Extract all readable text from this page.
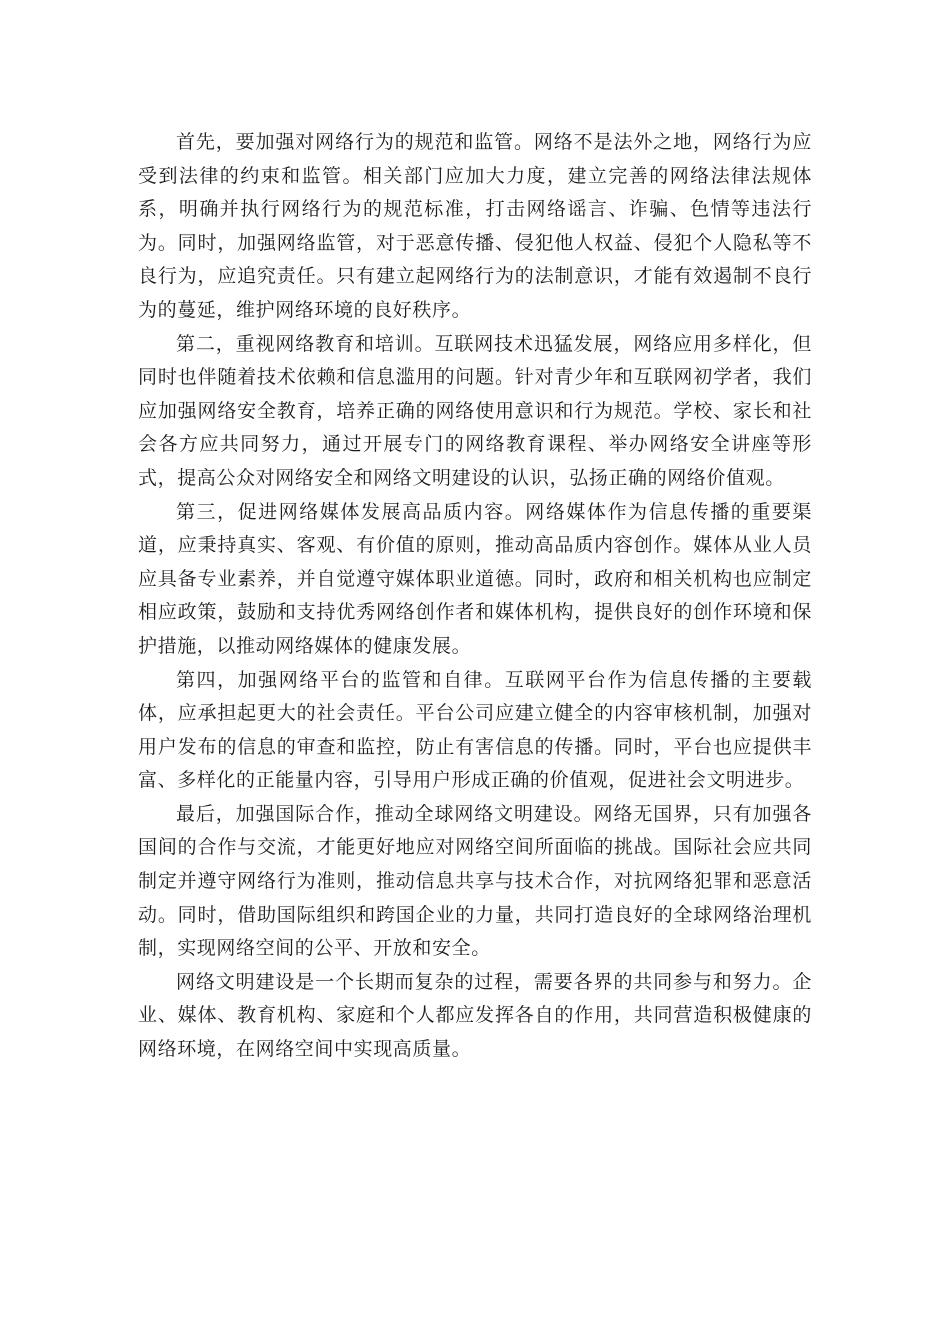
首先，要加强对网络行为的规范和监管。网络不是法外之地，网络行为应受到法律的约束和监管。相关部门应加大力度，建立完善的网络法律法规体系，明确并执行网络行为的规范标准，打击网络谣言、诈骗、色情等违法行为。同时，加强网络监管，对于恶意传播、侵犯他人权益、侵犯个人隐私等不良行为，应追究责任。只有建立起网络行为的法制意识，才能有效遏制不良行为的蔓延，维护网络环境的良好秩序。

第二，重视网络教育和培训。互联网技术迅猛发展，网络应用多样化，但同时也伴随着技术依赖和信息滥用的问题。针对青少年和互联网初学者，我们应加强网络安全教育，培养正确的网络使用意识和行为规范。学校、家长和社会各方应共同努力，通过开展专门的网络教育课程、举办网络安全讲座等形式，提高公众对网络安全和网络文明建设的认识，弘扬正确的网络价值观。

第三，促进网络媒体发展高品质内容。网络媒体作为信息传播的重要渠道，应秉持真实、客观、有价值的原则，推动高品质内容创作。媒体从业人员应具备专业素养，并自觉遵守媒体职业道德。同时，政府和相关机构也应制定相应政策，鼓励和支持优秀网络创作者和媒体机构，提供良好的创作环境和保护措施，以推动网络媒体的健康发展。

第四，加强网络平台的监管和自律。互联网平台作为信息传播的主要载体，应承担起更大的社会责任。平台公司应建立健全的内容审核机制，加强对用户发布的信息的审查和监控，防止有害信息的传播。同时，平台也应提供丰富、多样化的正能量内容，引导用户形成正确的价值观，促进社会文明进步。

最后，加强国际合作，推动全球网络文明建设。网络无国界，只有加强各国间的合作与交流，才能更好地应对网络空间所面临的挑战。国际社会应共同制定并遵守网络行为准则，推动信息共享与技术合作，对抗网络犯罪和恶意活动。同时，借助国际组织和跨国企业的力量，共同打造良好的全球网络治理机制，实现网络空间的公平、开放和安全。

网络文明建设是一个长期而复杂的过程，需要各界的共同参与和努力。企业、媒体、教育机构、家庭和个人都应发挥各自的作用，共同营造积极健康的网络环境，在网络空间中实现高质量。
